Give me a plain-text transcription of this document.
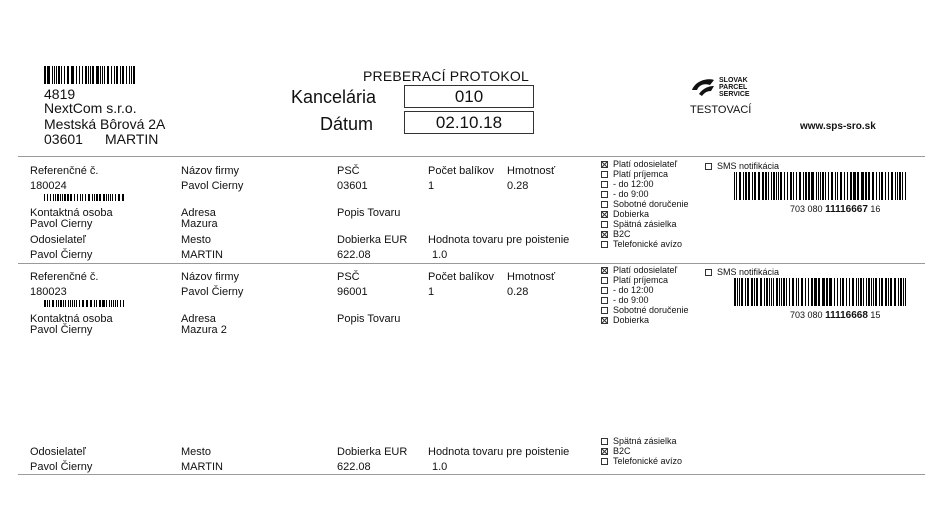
4819
NextCom s.r.o.
Mestská Bôrová 2A
03601 MARTIN
PREBERACÍ PROTOKOL
Kancelária	010
Dátum	02.10.18
SLOVAK
PARCEL
SERVICE
TESTOVACÍ
www.sps-sro.sk
Referenčné č.
180024
Kontaktná osoba
Pavol Cierny
Odosielateľ
Pavol Čierny
Názov firmy
Pavol Cierny
Adresa
Mazura
Mesto
MARTIN
PSČ
03601
Popis Tovaru
Dobierka EUR
622.08
Počet balíkov
1
Hmotnosť
0.28
Hodnota tovaru pre poistenie
1.0
Platí odosielateľ
Platí príjemca
- do 12:00
- do 9:00
Sobotné doručenie
Dobierka
Spätná zásielka
B2C
Telefonické avízo
SMS notifikácia
703 080 11116667 16
Referenčné č.
180023
Kontaktná osoba
Pavol Čierny
Názov firmy
Pavol Čierny
Adresa
Mazura 2
PSČ
96001
Popis Tovaru
Počet balíkov
1
Hmotnosť
0.28
Platí odosielateľ
Platí príjemca
- do 12:00
- do 9:00
Sobotné doručenie
Dobierka
SMS notifikácia
703 080 11116668 15
Odosielateľ
Pavol Čierny
Mesto
MARTIN
Dobierka EUR
622.08
Hodnota tovaru pre poistenie
1.0
Spätná zásielka
B2C
Telefonické avízo
